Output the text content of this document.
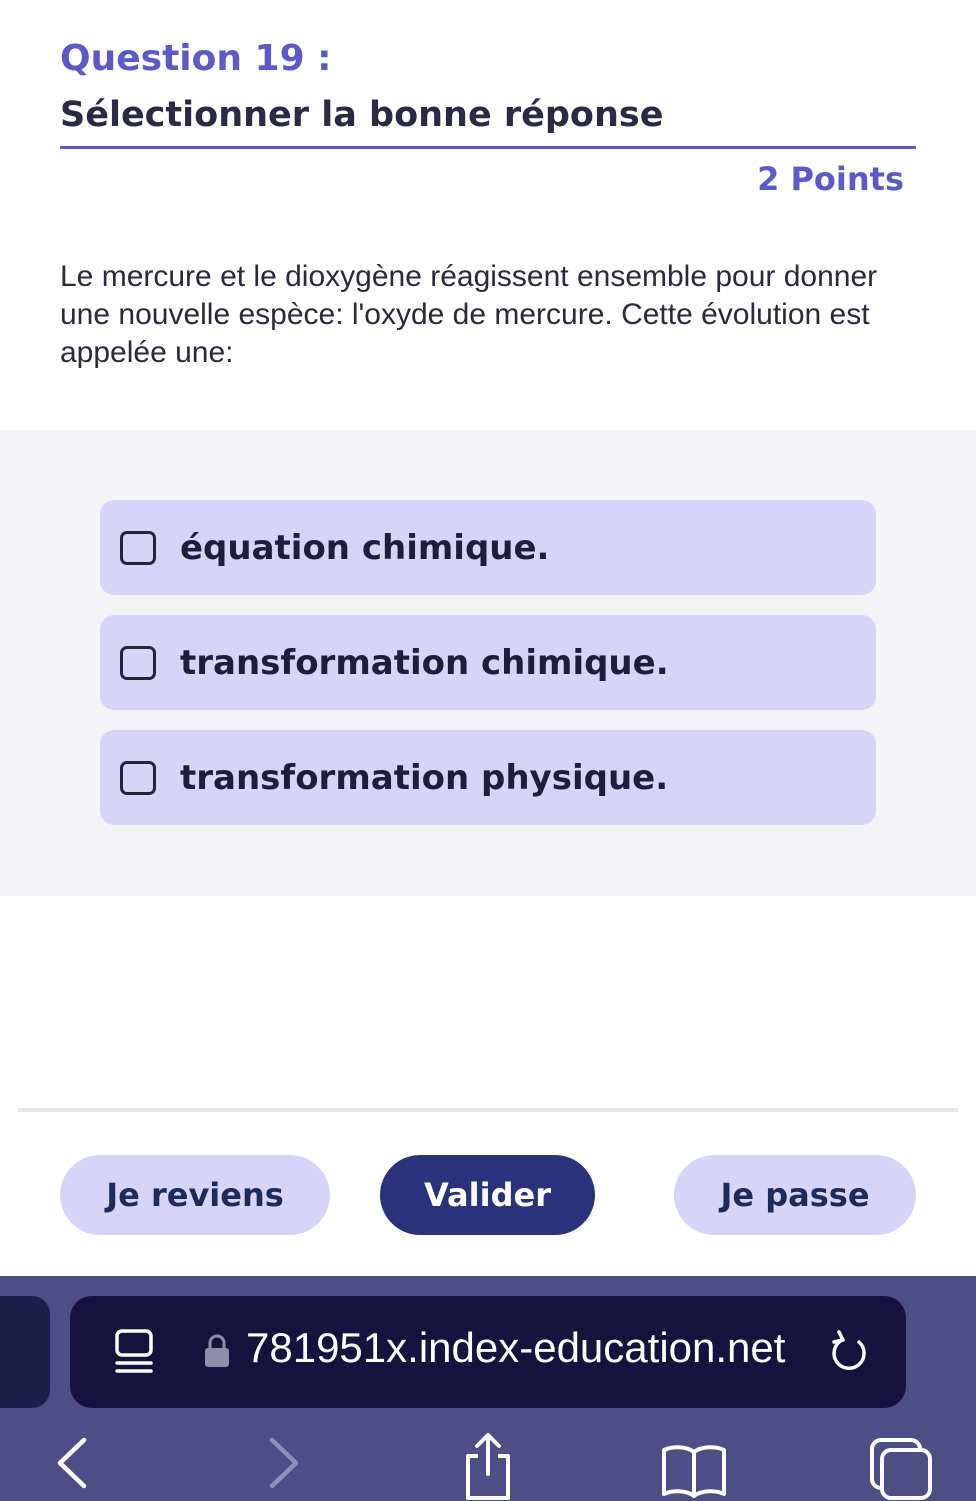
Question 19 :
Sélectionner la bonne réponse
2 Points
Le mercure et le dioxygène réagissent ensemble pour donner une nouvelle espèce: l'oxyde de mercure. Cette évolution est appelée une:
équation chimique.
transformation chimique.
transformation physique.
Je reviens	Valider	Je passe
781951x.index-education.net
